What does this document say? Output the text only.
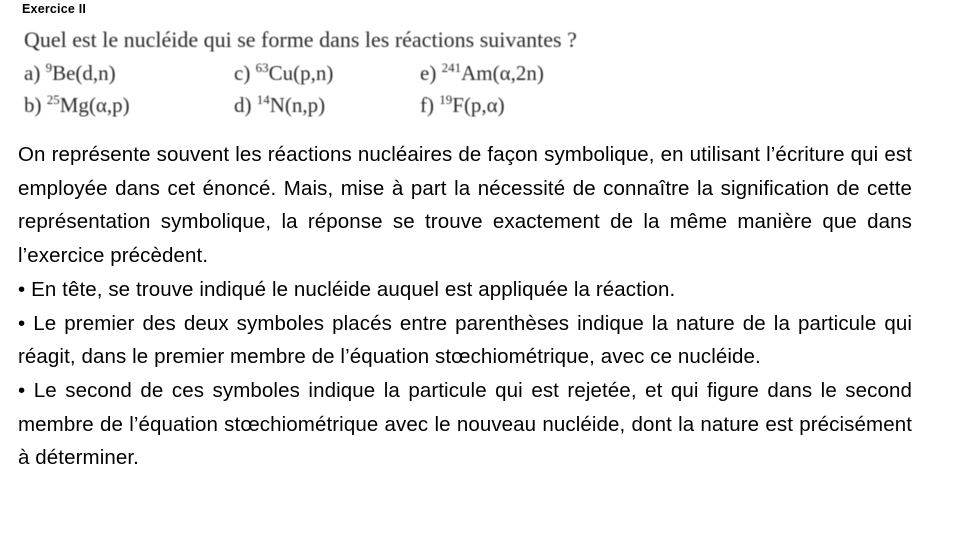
Exercice II
Quel est le nucléide qui se forme dans les réactions suivantes ?
a) $^9$Be(d,n)
b) $^{25}$Mg(α,p)
c) $^{63}$Cu(p,n)
d) $^{14}$N(n,p)
e) $^{241}$Am(α,2n)
f) $^{19}$F(p,α)

On représente souvent les réactions nucléaires de façon symbolique, en utilisant l’écriture qui est employée dans cet énoncé. Mais, mise à part la nécessité de connaître la signification de cette représentation symbolique, la réponse se trouve exactement de la même manière que dans l’exercice précèdent.

• En tête, se trouve indiqué le nucléide auquel est appliquée la réaction.

• Le premier des deux symboles placés entre parenthèses indique la nature de la particule qui réagit, dans le premier membre de l’équation stœchiométrique, avec ce nucléide.

• Le second de ces symboles indique la particule qui est rejetée, et qui figure dans le second membre de l’équation stœchiométrique avec le nouveau nucléide, dont la nature est précisément à déterminer.
